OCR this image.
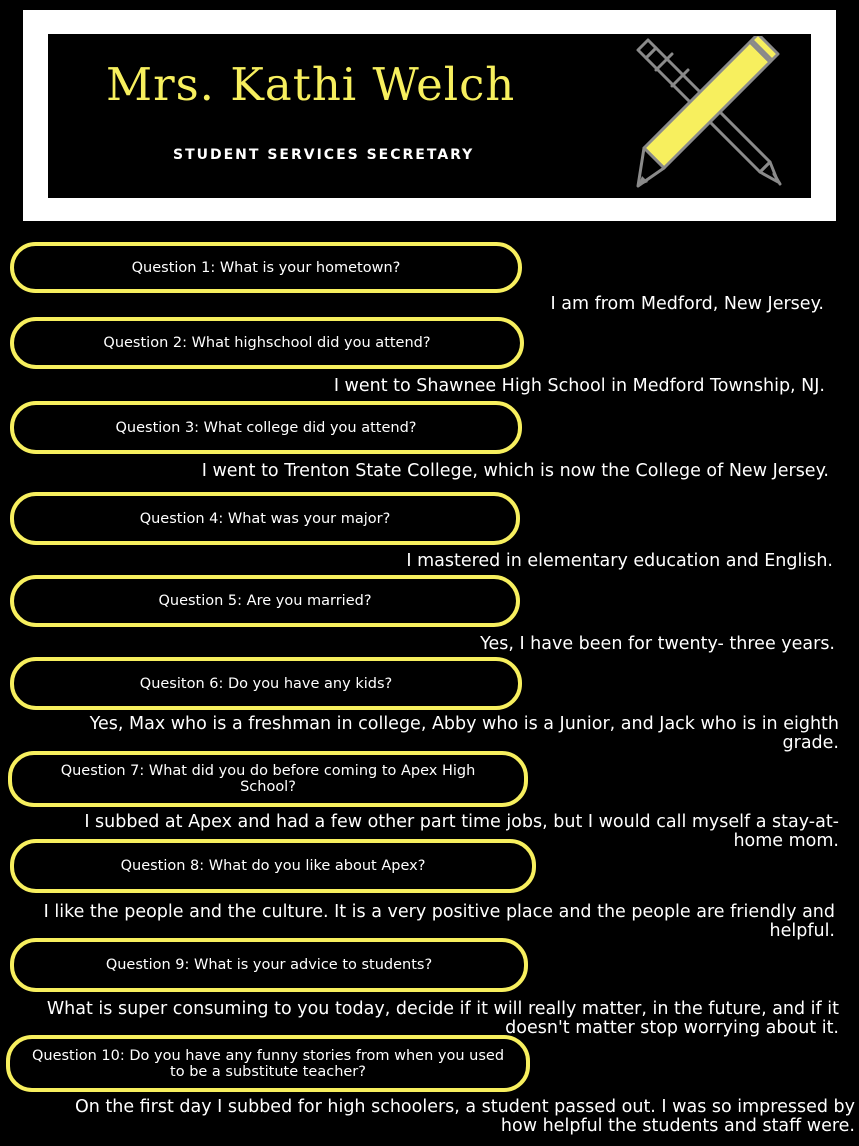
Mrs. Kathi Welch
STUDENT SERVICES SECRETARY
Question 1: What is your hometown?
I am from Medford, New Jersey.
Question 2: What highschool did you attend?
I went to Shawnee High School in Medford Township, NJ.
Question 3: What college did you attend?
I went to Trenton State College, which is now the College of New Jersey.
Question 4: What was your major?
I mastered in elementary education and English.
Question 5: Are you married?
Yes, I have been for twenty- three years.
Quesiton 6: Do you have any kids?
Yes, Max who is a freshman in college, Abby who is a Junior, and Jack who is in eighth grade.
Question 7: What did you do before coming to Apex High School?
I subbed at Apex and had a few other part time jobs, but I would call myself a stay-at-home mom.
Question 8: What do you like about Apex?
I like the people and the culture. It is a very positive place and the people are friendly and helpful.
Question 9: What is your advice to students?
What is super consuming to you today, decide if it will really matter, in the future, and if it doesn't matter stop worrying about it.
Question 10: Do you have any funny stories from when you used to be a substitute teacher?
On the first day I subbed for high schoolers, a student passed out. I was so impressed by how helpful the students and staff were.
